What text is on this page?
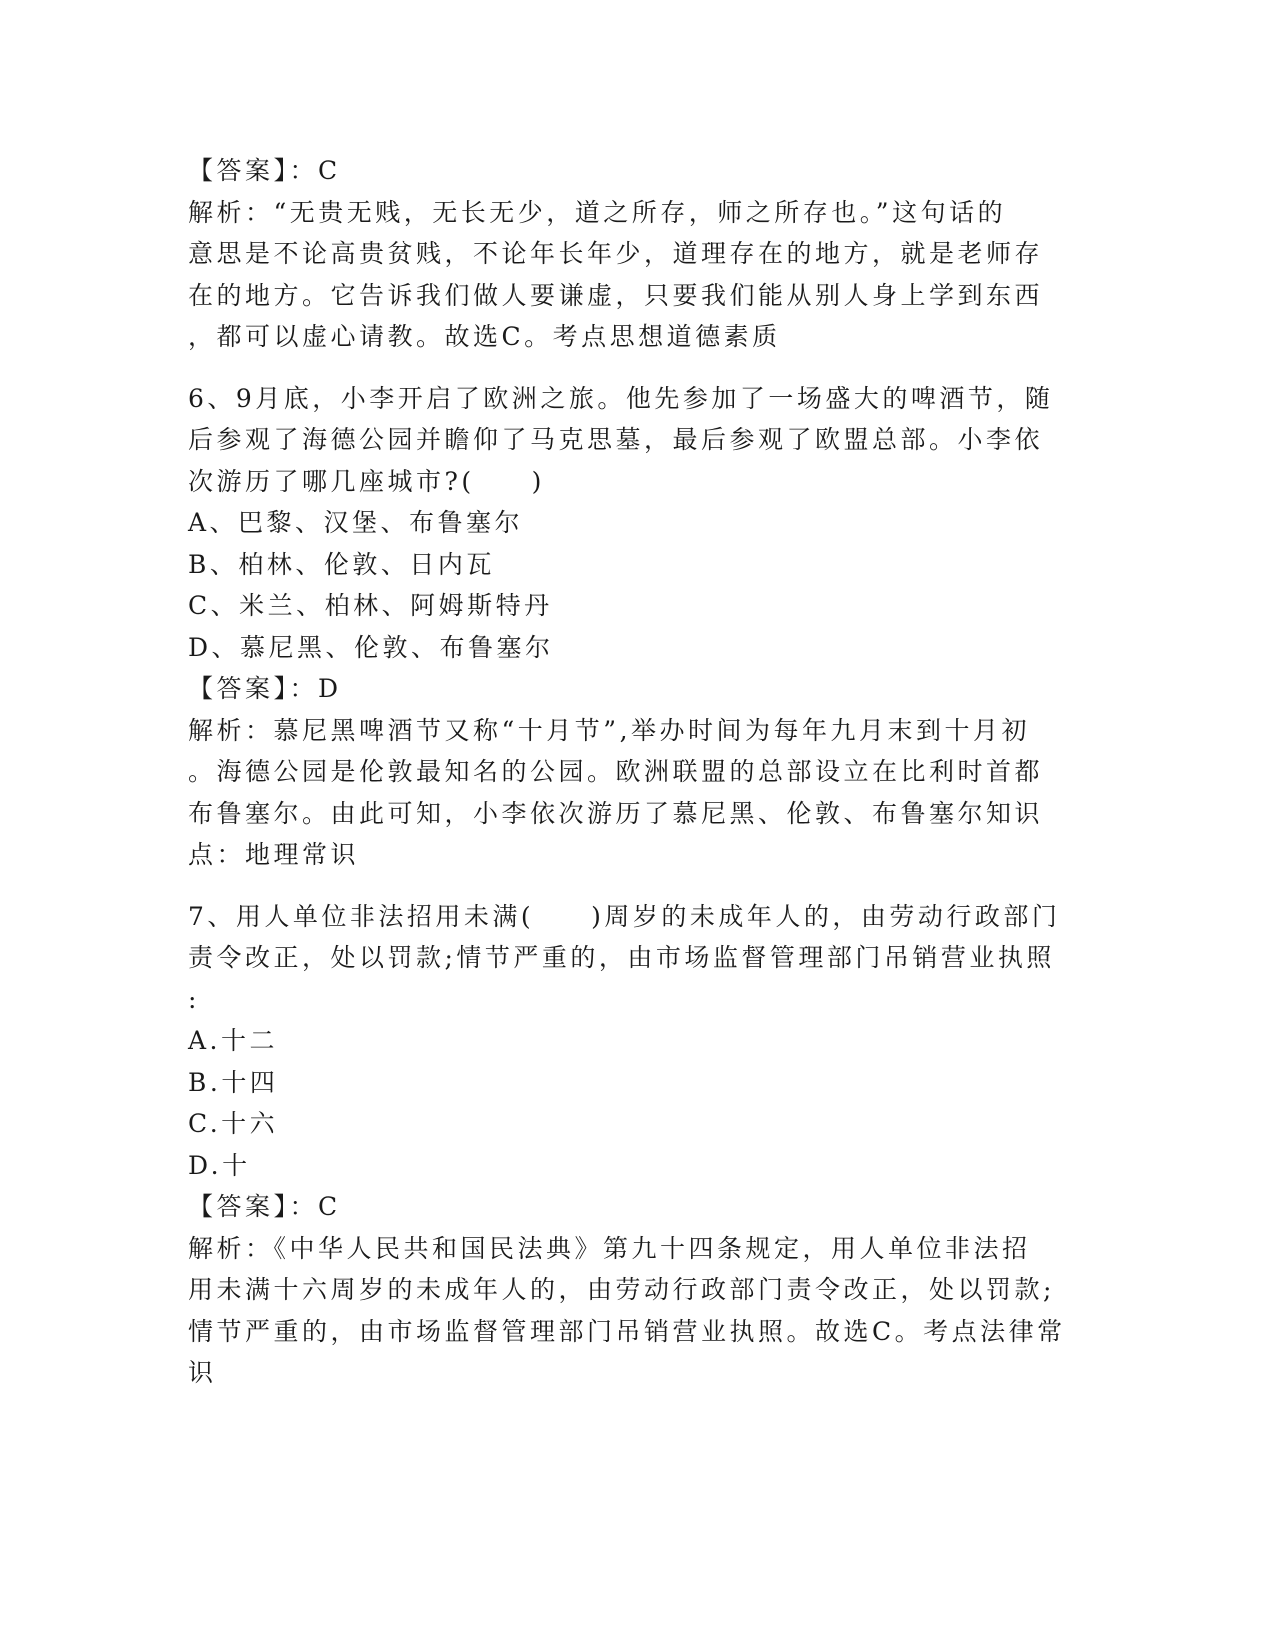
【答案】：C
解析：“无贵无贱，无长无少，道之所存，师之所存也。”这句话的
意思是不论高贵贫贱，不论年长年少，道理存在的地方，就是老师存
在的地方。它告诉我们做人要谦虚，只要我们能从别人身上学到东西
，都可以虚心请教。故选C。考点思想道德素质
6、9月底，小李开启了欧洲之旅。他先参加了一场盛大的啤酒节，随
后参观了海德公园并瞻仰了马克思墓，最后参观了欧盟总部。小李依
次游历了哪几座城市?(　　)
A、巴黎、汉堡、布鲁塞尔
B、柏林、伦敦、日内瓦
C、米兰、柏林、阿姆斯特丹
D、慕尼黑、伦敦、布鲁塞尔
【答案】：D
解析：慕尼黑啤酒节又称“十月节”,举办时间为每年九月末到十月初
。海德公园是伦敦最知名的公园。欧洲联盟的总部设立在比利时首都
布鲁塞尔。由此可知，小李依次游历了慕尼黑、伦敦、布鲁塞尔知识
点：地理常识
7、用人单位非法招用未满(　　)周岁的未成年人的，由劳动行政部门
责令改正，处以罚款;情节严重的，由市场监督管理部门吊销营业执照
:
A.十二
B.十四
C.十六
D.十
【答案】：C
解析：《中华人民共和国民法典》第九十四条规定，用人单位非法招
用未满十六周岁的未成年人的，由劳动行政部门责令改正，处以罚款;
情节严重的，由市场监督管理部门吊销营业执照。故选C。考点法律常
识
